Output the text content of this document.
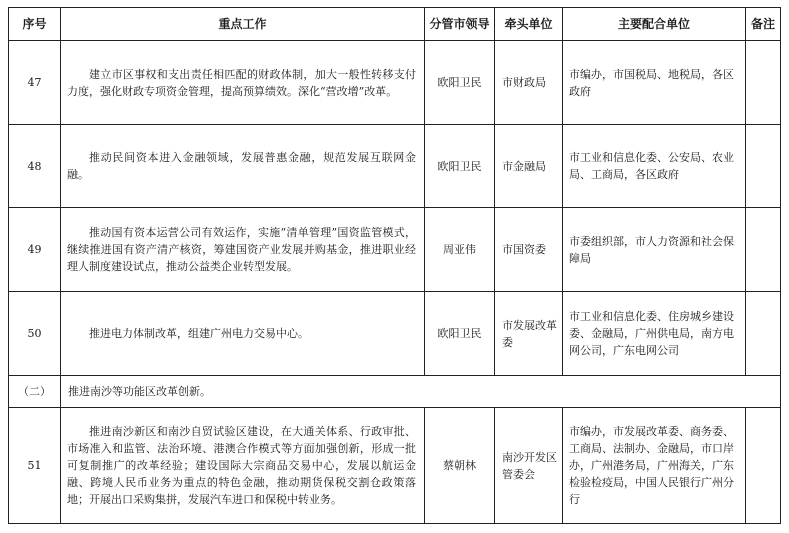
序号	重点工作	分管市领导	牵头单位	主要配合单位	备注
47	建立市区事权和支出责任相匹配的财政体制，加大一般性转移支付力度，强化财政专项资金管理，提高预算绩效。深化“营改增”改革。	欧阳卫民	市财政局	市编办，市国税局、地税局，各区政府	
48	推动民间资本进入金融领域，发展普惠金融，规范发展互联网金融。	欧阳卫民	市金融局	市工业和信息化委、公安局、农业局、工商局，各区政府	
49	推动国有资本运营公司有效运作，实施“清单管理”国资监管模式，继续推进国有资产清产核资，筹建国资产业发展并购基金，推进职业经理人制度建设试点，推动公益类企业转型发展。	周亚伟	市国资委	市委组织部，市人力资源和社会保障局	
50	推进电力体制改革，组建广州电力交易中心。	欧阳卫民	市发展改革委	市工业和信息化委、住房城乡建设委、金融局，广州供电局，南方电网公司，广东电网公司	
（二）	推进南沙等功能区改革创新。				
51	推进南沙新区和南沙自贸试验区建设，在大通关体系、行政审批、市场准入和监管、法治环境、港澳合作模式等方面加强创新，形成一批可复制推广的改革经验；建设国际大宗商品交易中心，发展以航运金融、跨境人民币业务为重点的特色金融，推动期货保税交割仓政策落地；开展出口采购集拼，发展汽车进口和保税中转业务。	蔡朝林	南沙开发区管委会	市编办，市发展改革委、商务委、工商局、法制办、金融局，市口岸办，广州港务局，广州海关，广东检验检疫局，中国人民银行广州分行	
